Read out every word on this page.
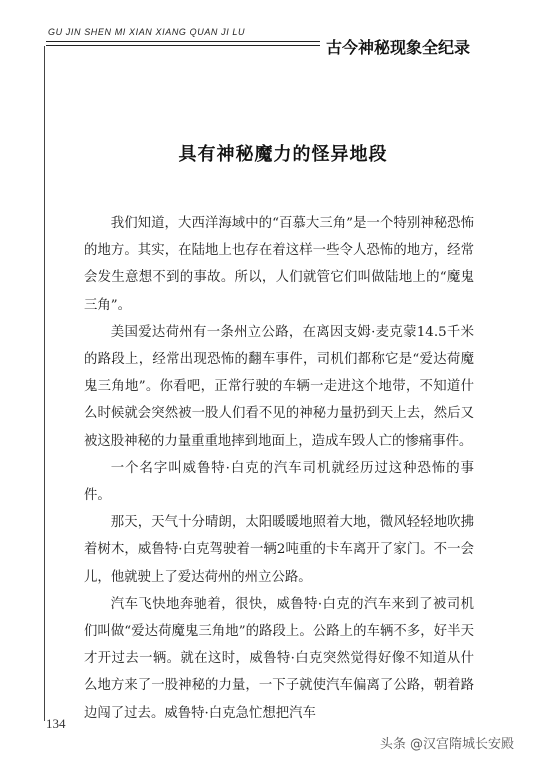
GU JIN SHEN MI XIAN XIANG QUAN JI LU
古今神秘现象全纪录
具有神秘魔力的怪异地段

我们知道，大西洋海域中的“百慕大三角”是一个特别神秘恐怖的地方。其实，在陆地上也存在着这样一些令人恐怖的地方，经常会发生意想不到的事故。所以，人们就管它们叫做陆地上的“魔鬼三角”。

美国爱达荷州有一条州立公路，在离因支姆·麦克蒙14.5千米的路段上，经常出现恐怖的翻车事件，司机们都称它是“爱达荷魔鬼三角地”。你看吧，正常行驶的车辆一走进这个地带，不知道什么时候就会突然被一股人们看不见的神秘力量扔到天上去，然后又被这股神秘的力量重重地摔到地面上，造成车毁人亡的惨痛事件。

一个名字叫威鲁特·白克的汽车司机就经历过这种恐怖的事件。

那天，天气十分晴朗，太阳暖暖地照着大地，微风轻轻地吹拂着树木，威鲁特·白克驾驶着一辆2吨重的卡车离开了家门。不一会儿，他就驶上了爱达荷州的州立公路。

汽车飞快地奔驰着，很快，威鲁特·白克的汽车来到了被司机们叫做“爱达荷魔鬼三角地”的路段上。公路上的车辆不多，好半天才开过去一辆。就在这时，威鲁特·白克突然觉得好像不知道从什么地方来了一股神秘的力量，一下子就使汽车偏离了公路，朝着路边闯了过去。威鲁特·白克急忙想把汽车

134
头条 @汉宫隋城长安殿
